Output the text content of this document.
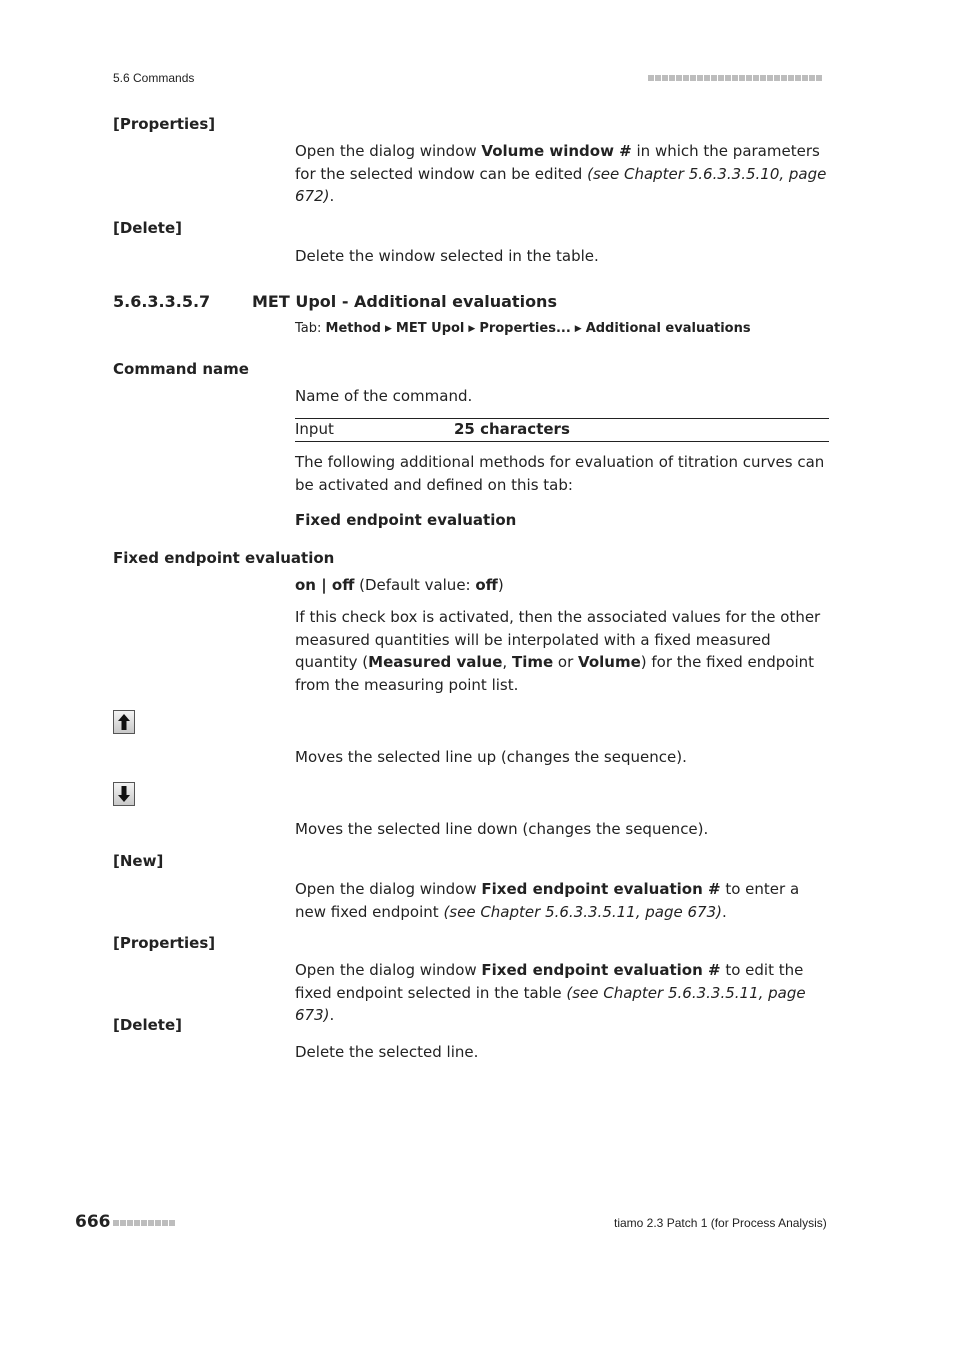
5.6 Commands
[Properties]
Open the dialog window Volume window # in which the parameters for the selected window can be edited (see Chapter 5.6.3.3.5.10, page 672).
[Delete]
Delete the window selected in the table.
5.6.3.3.5.7	MET Upol - Additional evaluations
Tab: Method ▶ MET Upol ▶ Properties... ▶ Additional evaluations
Command name
Name of the command.
Input	25 characters
The following additional methods for evaluation of titration curves can be activated and defined on this tab:
Fixed endpoint evaluation
Fixed endpoint evaluation
on | off (Default value: off)
If this check box is activated, then the associated values for the other measured quantities will be interpolated with a fixed measured quantity (Measured value, Time or Volume) for the fixed endpoint from the measuring point list.
Moves the selected line up (changes the sequence).
Moves the selected line down (changes the sequence).
[New]
Open the dialog window Fixed endpoint evaluation # to enter a new fixed endpoint (see Chapter 5.6.3.3.5.11, page 673).
[Properties]
Open the dialog window Fixed endpoint evaluation # to edit the fixed endpoint selected in the table (see Chapter 5.6.3.3.5.11, page 673).
[Delete]
Delete the selected line.
666	tiamo 2.3 Patch 1 (for Process Analysis)
